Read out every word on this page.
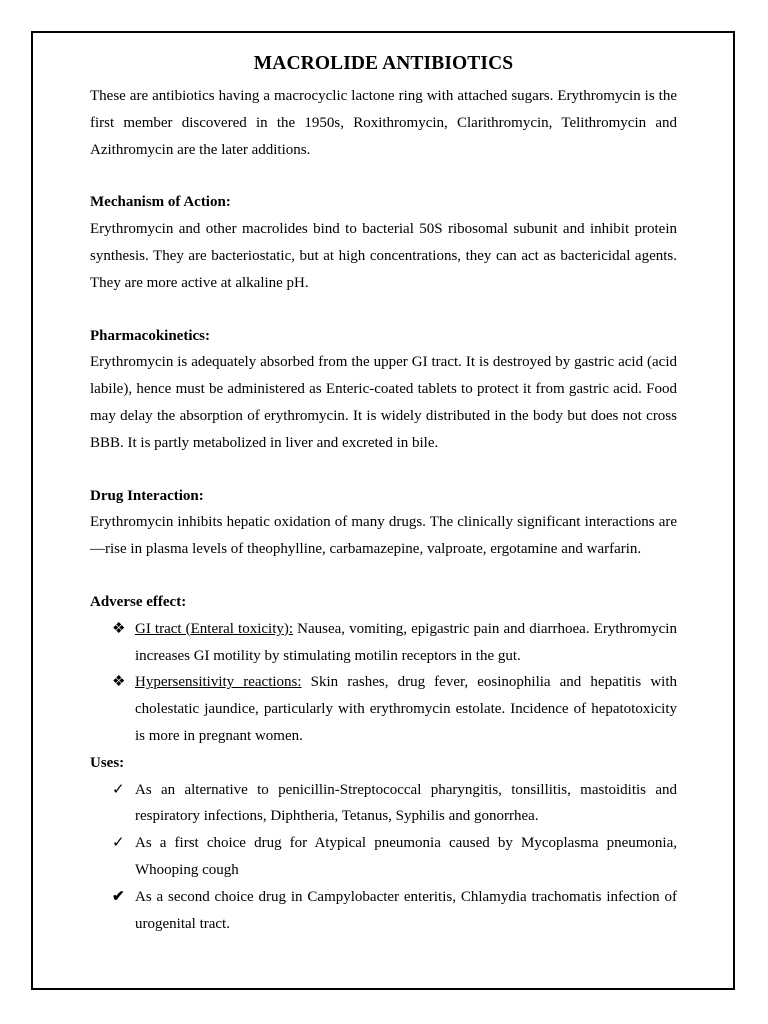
MACROLIDE ANTIBIOTICS

These are antibiotics having a macrocyclic lactone ring with attached sugars. Erythromycin is the first member discovered in the 1950s, Roxithromycin, Clarithromycin, Telithromycin and Azithromycin are the later additions.

Mechanism of Action:

Erythromycin and other macrolides bind to bacterial 50S ribosomal subunit and inhibit protein synthesis. They are bacteriostatic, but at high concentrations, they can act as bactericidal agents. They are more active at alkaline pH.

Pharmacokinetics:

Erythromycin is adequately absorbed from the upper GI tract. It is destroyed by gastric acid (acid labile), hence must be administered as Enteric-coated tablets to protect it from gastric acid. Food may delay the absorption of erythromycin. It is widely distributed in the body but does not cross BBB. It is partly metabolized in liver and excreted in bile.

Drug Interaction:

Erythromycin inhibits hepatic oxidation of many drugs. The clinically significant interactions are —rise in plasma levels of theophylline, carbamazepine, valproate, ergotamine and warfarin.

Adverse effect:
❖ GI tract (Enteral toxicity): Nausea, vomiting, epigastric pain and diarrhoea. Erythromycin increases GI motility by stimulating motilin receptors in the gut.
❖ Hypersensitivity reactions: Skin rashes, drug fever, eosinophilia and hepatitis with cholestatic jaundice, particularly with erythromycin estolate. Incidence of hepatotoxicity is more in pregnant women.
Uses:
✓ As an alternative to penicillin-Streptococcal pharyngitis, tonsillitis, mastoiditis and respiratory infections, Diphtheria, Tetanus, Syphilis and gonorrhea.
✓ As a first choice drug for Atypical pneumonia caused by Mycoplasma pneumonia, Whooping cough
✔ As a second choice drug in Campylobacter enteritis, Chlamydia trachomatis infection of urogenital tract.
